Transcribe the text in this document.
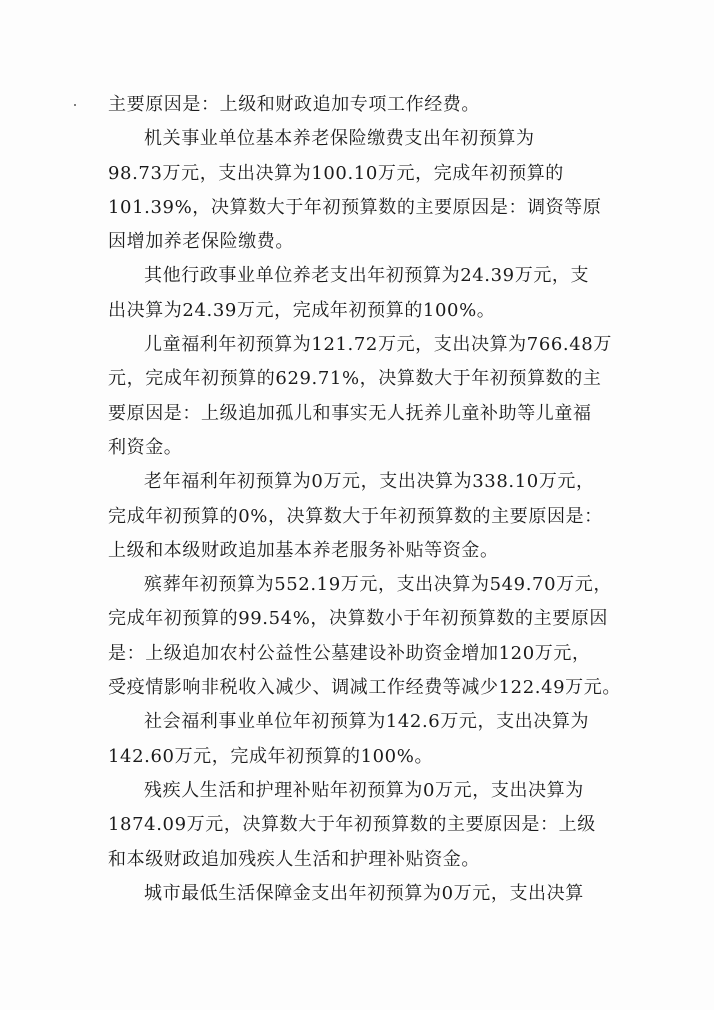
主要原因是：上级和财政追加专项工作经费。
机关事业单位基本养老保险缴费支出年初预算为
98.73万元，支出决算为100.10万元，完成年初预算的
101.39%，决算数大于年初预算数的主要原因是：调资等原
因增加养老保险缴费。
其他行政事业单位养老支出年初预算为24.39万元，支
出决算为24.39万元，完成年初预算的100%。
儿童福利年初预算为121.72万元，支出决算为766.48万
元，完成年初预算的629.71%，决算数大于年初预算数的主
要原因是：上级追加孤儿和事实无人抚养儿童补助等儿童福
利资金。
老年福利年初预算为0万元，支出决算为338.10万元，
完成年初预算的0%，决算数大于年初预算数的主要原因是：
上级和本级财政追加基本养老服务补贴等资金。
殡葬年初预算为552.19万元，支出决算为549.70万元，
完成年初预算的99.54%，决算数小于年初预算数的主要原因
是：上级追加农村公益性公墓建设补助资金增加120万元，
受疫情影响非税收入减少、调减工作经费等减少122.49万元。
社会福利事业单位年初预算为142.6万元，支出决算为
142.60万元，完成年初预算的100%。
残疾人生活和护理补贴年初预算为0万元，支出决算为
1874.09万元，决算数大于年初预算数的主要原因是：上级
和本级财政追加残疾人生活和护理补贴资金。
城市最低生活保障金支出年初预算为0万元，支出决算
